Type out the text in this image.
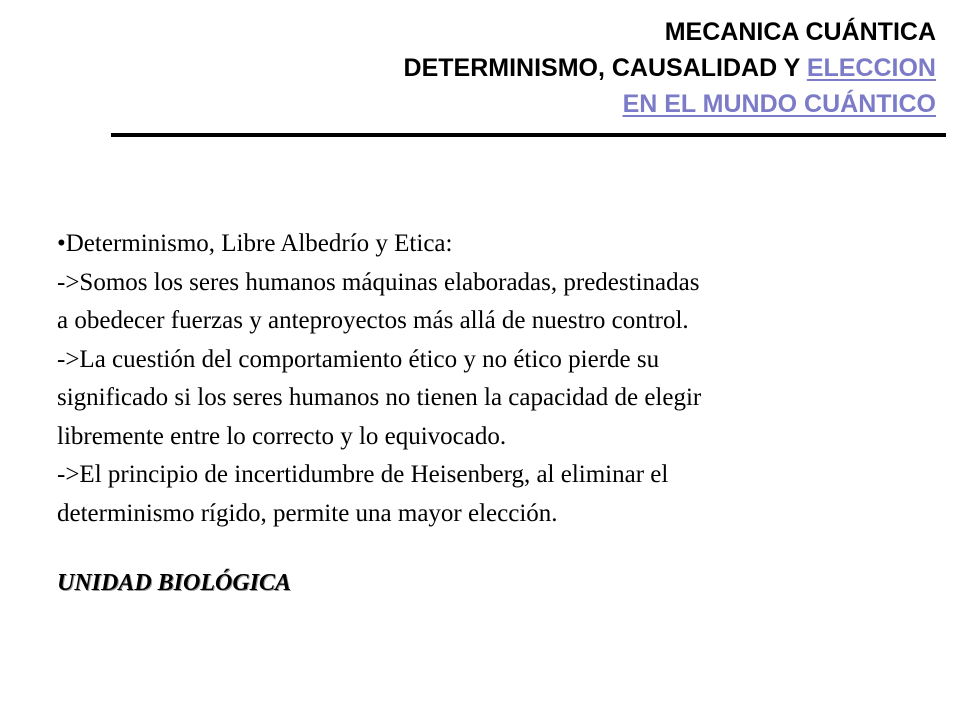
MECANICA CUÁNTICA
DETERMINISMO, CAUSALIDAD Y ELECCION
EN EL MUNDO CUÁNTICO
•Determinismo, Libre Albedrío y Etica:
->Somos los seres humanos máquinas elaboradas, predestinadas
a obedecer fuerzas y anteproyectos más allá de nuestro control.
->La cuestión del comportamiento ético y no ético pierde su
significado si los seres humanos no tienen la capacidad de elegir
libremente entre lo correcto y lo equivocado.
->El principio de incertidumbre de Heisenberg, al eliminar el
determinismo rígido, permite una mayor elección.
UNIDAD BIOLÓGICA
